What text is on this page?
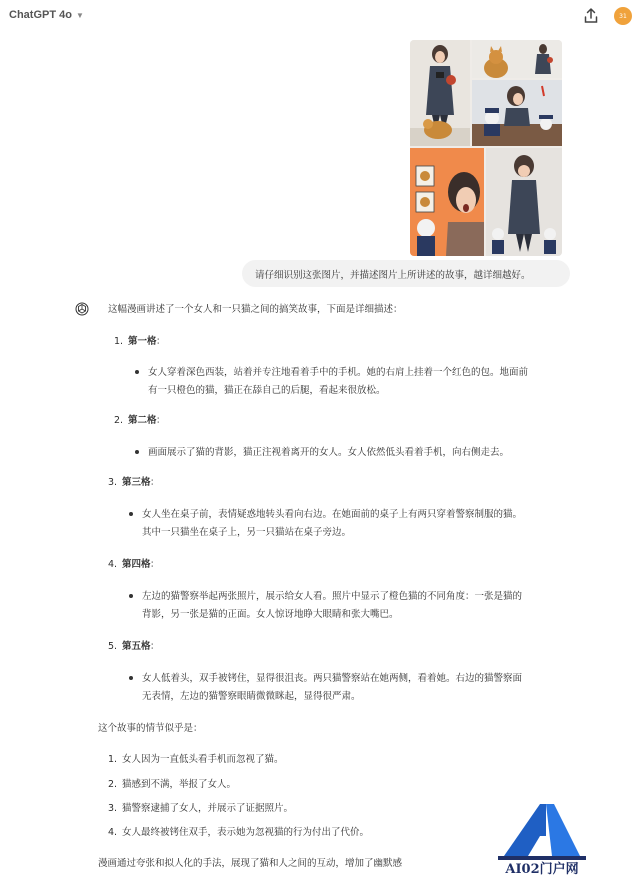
ChatGPT 4o ▼	31
请仔细识别这张图片，并描述图片上所讲述的故事，越详细越好。
这幅漫画讲述了一个女人和一只猫之间的搞笑故事，下面是详细描述：
1. 第一格 ：
女人穿着深色西装，站着并专注地看着手中的手机。她的右肩上挂着一个红色的包。地面前
有一只橙色的猫，猫正在舔自己的后腿，看起来很放松。
2. 第二格 ：
画面展示了猫的背影，猫正注视着离开的女人。女人依然低头看着手机，向右侧走去。
3. 第三格 ：
女人坐在桌子前，表情疑惑地转头看向右边。在她面前的桌子上有两只穿着警察制服的猫。
其中一只猫坐在桌子上，另一只猫站在桌子旁边。
4. 第四格 ：
左边的猫警察举起两张照片，展示给女人看。照片中显示了橙色猫的不同角度：一张是猫的
背影，另一张是猫的正面。女人惊讶地睁大眼睛和张大嘴巴。
5. 第五格 ：
女人低着头，双手被铐住，显得很沮丧。两只猫警察站在她两侧，看着她。右边的猫警察面
无表情，左边的猫警察眼睛微微眯起，显得很严肃。
这个故事的情节似乎是：
1. 女人因为一直低头看手机而忽视了猫。
2. 猫感到不满，举报了女人。
3. 猫警察逮捕了女人，并展示了证据照片。
4. 女人最终被铐住双手，表示她为忽视猫的行为付出了代价。
漫画通过夸张和拟人化的手法，展现了猫和人之间的互动，增加了幽默感	AI02门户网
